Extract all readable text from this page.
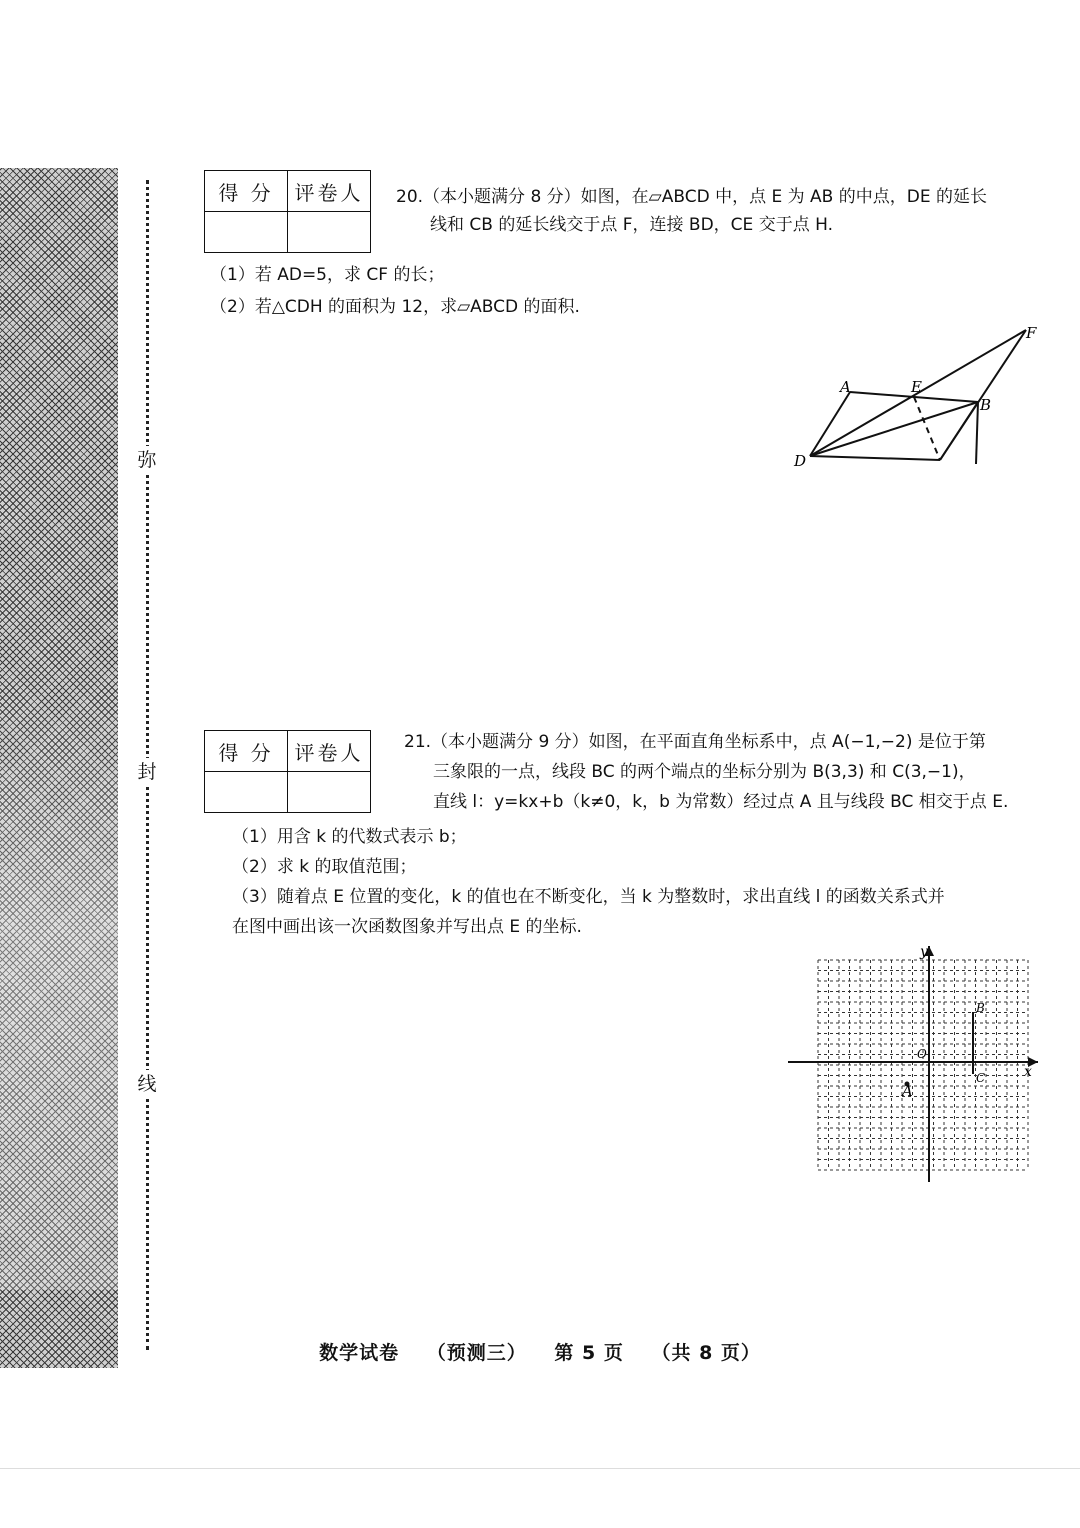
弥
封
线
得 分	评卷人
	20.（本小题满分 8 分）如图，在▱ABCD 中，点 E 为 AB 的中点，DE 的延长
线和 CB 的延长线交于点 F，连接 BD，CE 交于点 H.
（1）若 AD=5，求 CF 的长；
（2）若△CDH 的面积为 12，求▱ABCD 的面积.
A	E
B
F
D
得 分	评卷人
	21.（本小题满分 9 分）如图，在平面直角坐标系中，点 A(−1,−2) 是位于第
三象限的一点，线段 BC 的两个端点的坐标分别为 B(3,3) 和 C(3,−1)，
直线 l：y=kx+b（k≠0，k，b 为常数）经过点 A 且与线段 BC 相交于点 E.
（1）用含 k 的代数式表示 b；
（2）求 k 的取值范围；
（3）随着点 E 位置的变化，k 的值也在不断变化，当 k 为整数时，求出直线 l 的函数关系式并
在图中画出该一次函数图象并写出点 E 的坐标.
y
x
O
B
C
A
数学试卷 （预测三） 第 5 页 （共 8 页）
